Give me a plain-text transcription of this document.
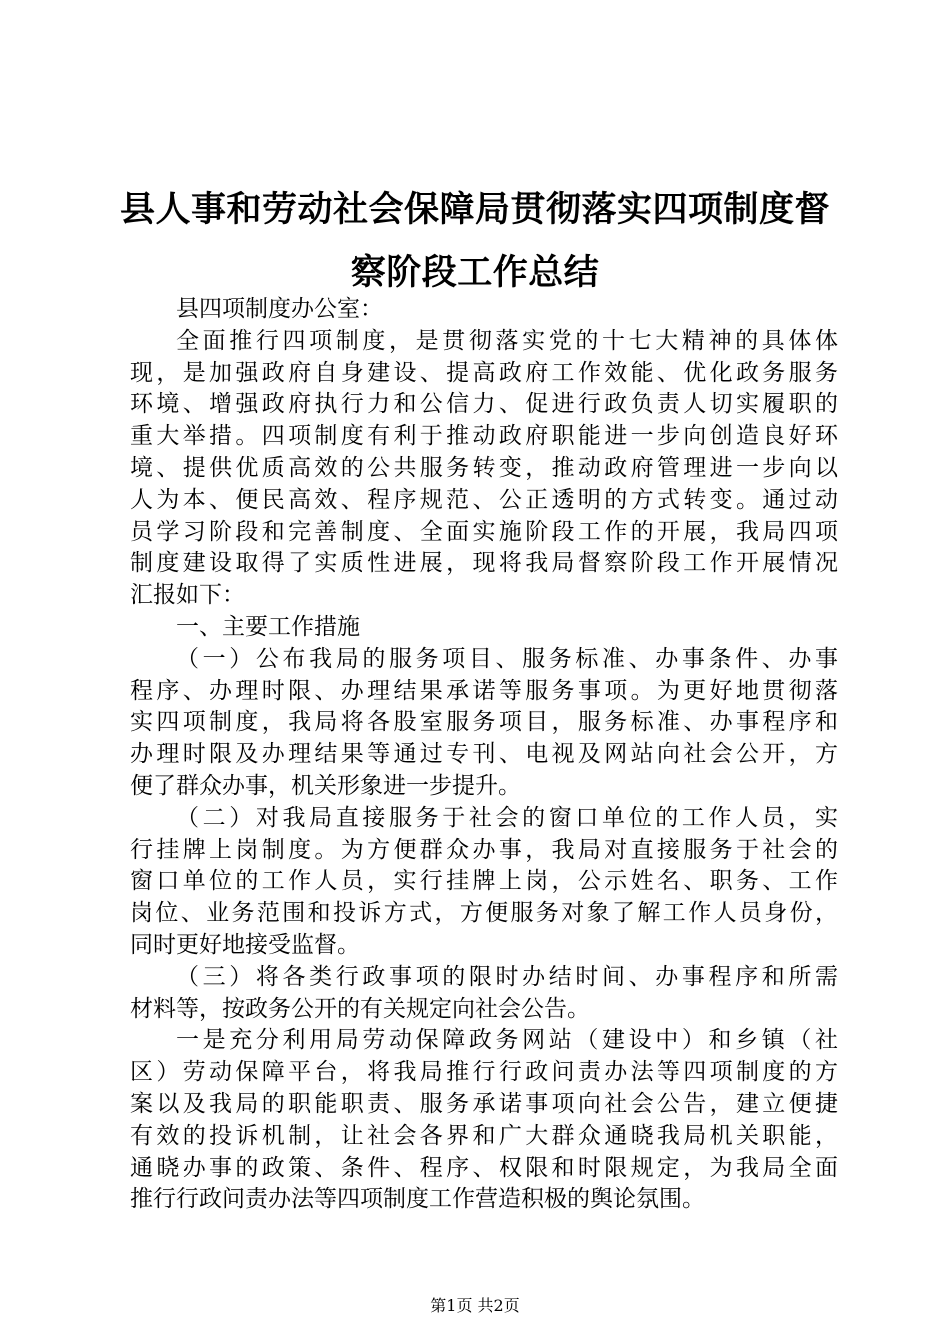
县人事和劳动社会保障局贯彻落实四项制度督
察阶段工作总结
县四项制度办公室：
全面推行四项制度，是贯彻落实党的十七大精神的具体体
现，是加强政府自身建设、提高政府工作效能、优化政务服务
环境、增强政府执行力和公信力、促进行政负责人切实履职的
重大举措。四项制度有利于推动政府职能进一步向创造良好环
境、提供优质高效的公共服务转变，推动政府管理进一步向以
人为本、便民高效、程序规范、公正透明的方式转变。通过动
员学习阶段和完善制度、全面实施阶段工作的开展，我局四项
制度建设取得了实质性进展，现将我局督察阶段工作开展情况
汇报如下：
一、主要工作措施
（一）公布我局的服务项目、服务标准、办事条件、办事
程序、办理时限、办理结果承诺等服务事项。为更好地贯彻落
实四项制度，我局将各股室服务项目，服务标准、办事程序和
办理时限及办理结果等通过专刊、电视及网站向社会公开，方
便了群众办事，机关形象进一步提升。
（二）对我局直接服务于社会的窗口单位的工作人员，实
行挂牌上岗制度。为方便群众办事，我局对直接服务于社会的
窗口单位的工作人员，实行挂牌上岗，公示姓名、职务、工作
岗位、业务范围和投诉方式，方便服务对象了解工作人员身份，
同时更好地接受监督。
（三）将各类行政事项的限时办结时间、办事程序和所需
材料等，按政务公开的有关规定向社会公告。
一是充分利用局劳动保障政务网站（建设中）和乡镇（社
区）劳动保障平台，将我局推行行政问责办法等四项制度的方
案以及我局的职能职责、服务承诺事项向社会公告，建立便捷
有效的投诉机制，让社会各界和广大群众通晓我局机关职能，
通晓办事的政策、条件、程序、权限和时限规定，为我局全面
推行行政问责办法等四项制度工作营造积极的舆论氛围。
第1页 共2页
